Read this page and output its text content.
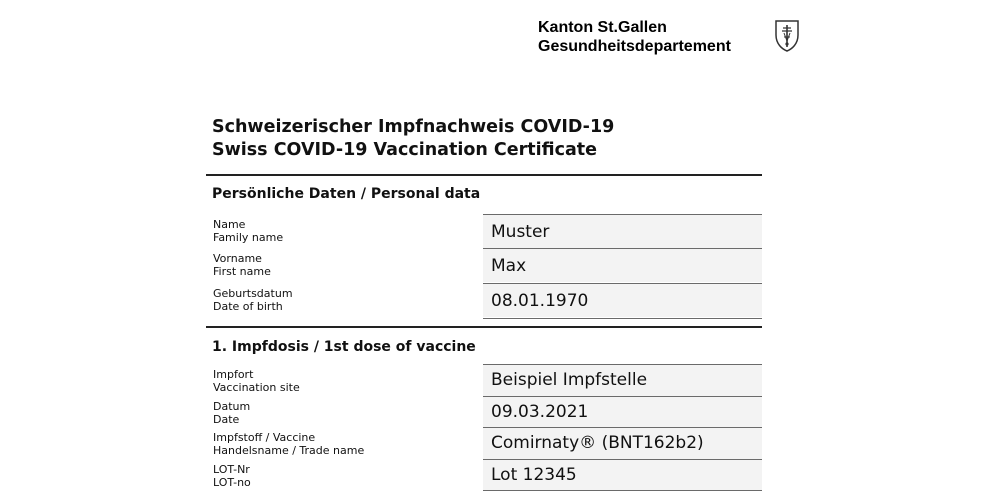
Kanton St.Gallen
Gesundheitsdepartement
Schweizerischer Impfnachweis COVID-19
Swiss COVID-19 Vaccination Certificate
Persönliche Daten / Personal data
Name
Family name	Muster
Vorname
First name	Max
Geburtsdatum
Date of birth	08.01.1970
1. Impfdosis / 1st dose of vaccine
Impfort
Vaccination site	Beispiel Impfstelle
Datum
Date	09.03.2021
Impfstoff / Vaccine
Handelsname / Trade name	Comirnaty® (BNT162b2)
LOT-Nr
LOT-no	Lot 12345
